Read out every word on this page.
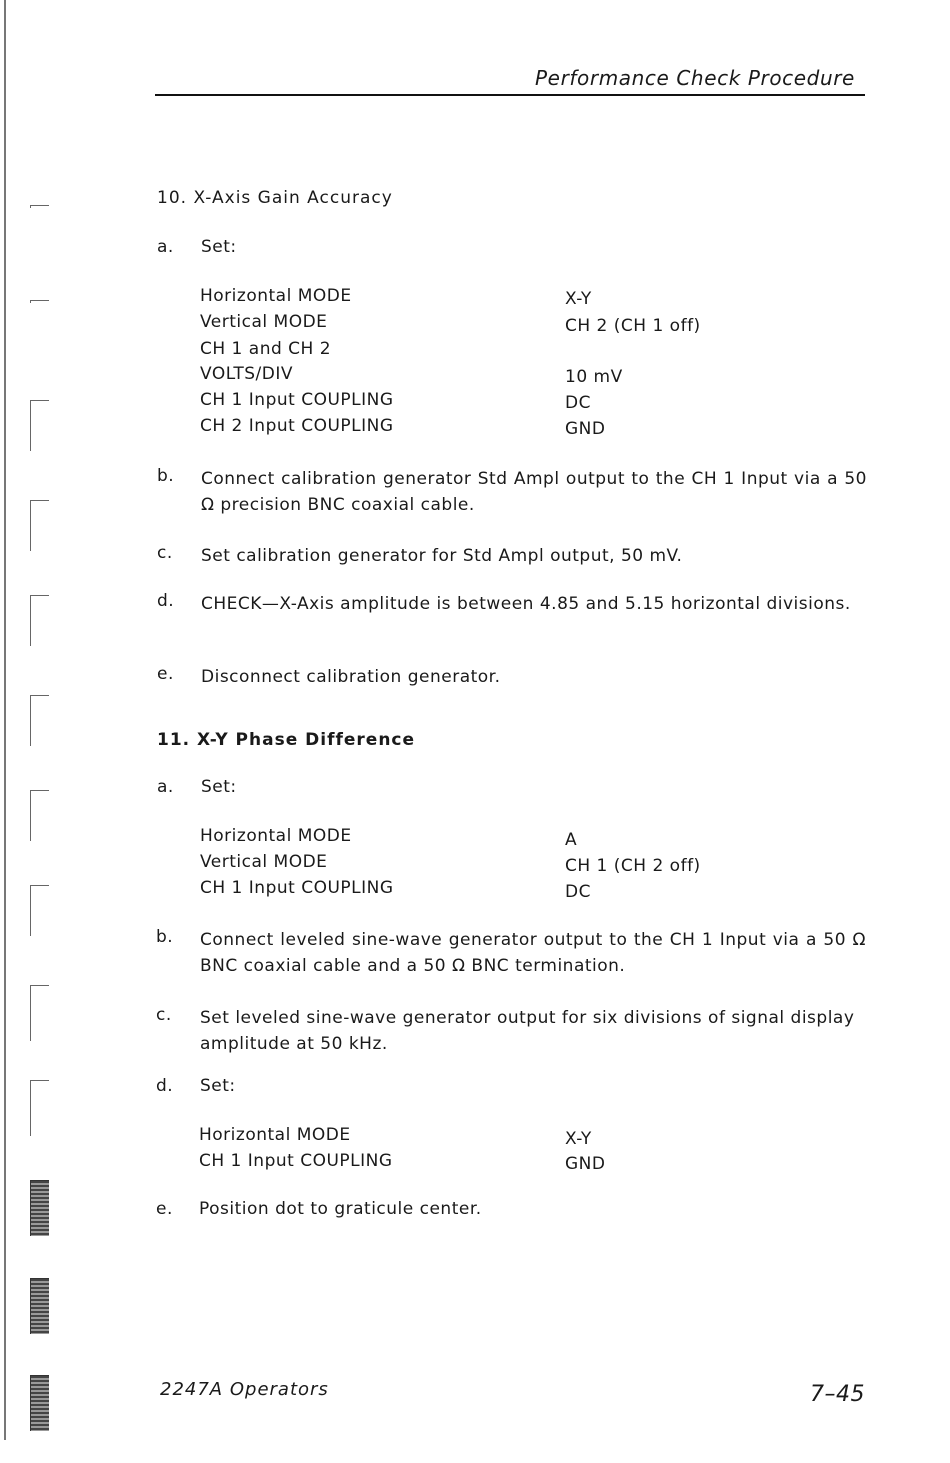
Performance Check Procedure
10. X-Axis Gain Accuracy
a. Set:
Horizontal MODE	X-Y
Vertical MODE	CH 2 (CH 1 off)
CH 1 and CH 2
VOLTS/DIV	10 mV
CH 1 Input COUPLING	DC
CH 2 Input COUPLING	GND
b. Connect calibration generator Std Ampl output to the CH 1 Input via a 50 Ω precision BNC coaxial cable.
c. Set calibration generator for Std Ampl output, 50 mV.
d. CHECK—X-Axis amplitude is between 4.85 and 5.15 horizontal divisions.
e. Disconnect calibration generator.
11. X-Y Phase Difference
a. Set:
Horizontal MODE	A
Vertical MODE	CH 1 (CH 2 off)
CH 1 Input COUPLING	DC
b. Connect leveled sine-wave generator output to the CH 1 Input via a 50 Ω BNC coaxial cable and a 50 Ω BNC termination.
c. Set leveled sine-wave generator output for six divisions of signal display amplitude at 50 kHz.
d. Set:
Horizontal MODE	X-Y
CH 1 Input COUPLING	GND
e. Position dot to graticule center.
2247A Operators	7–45
